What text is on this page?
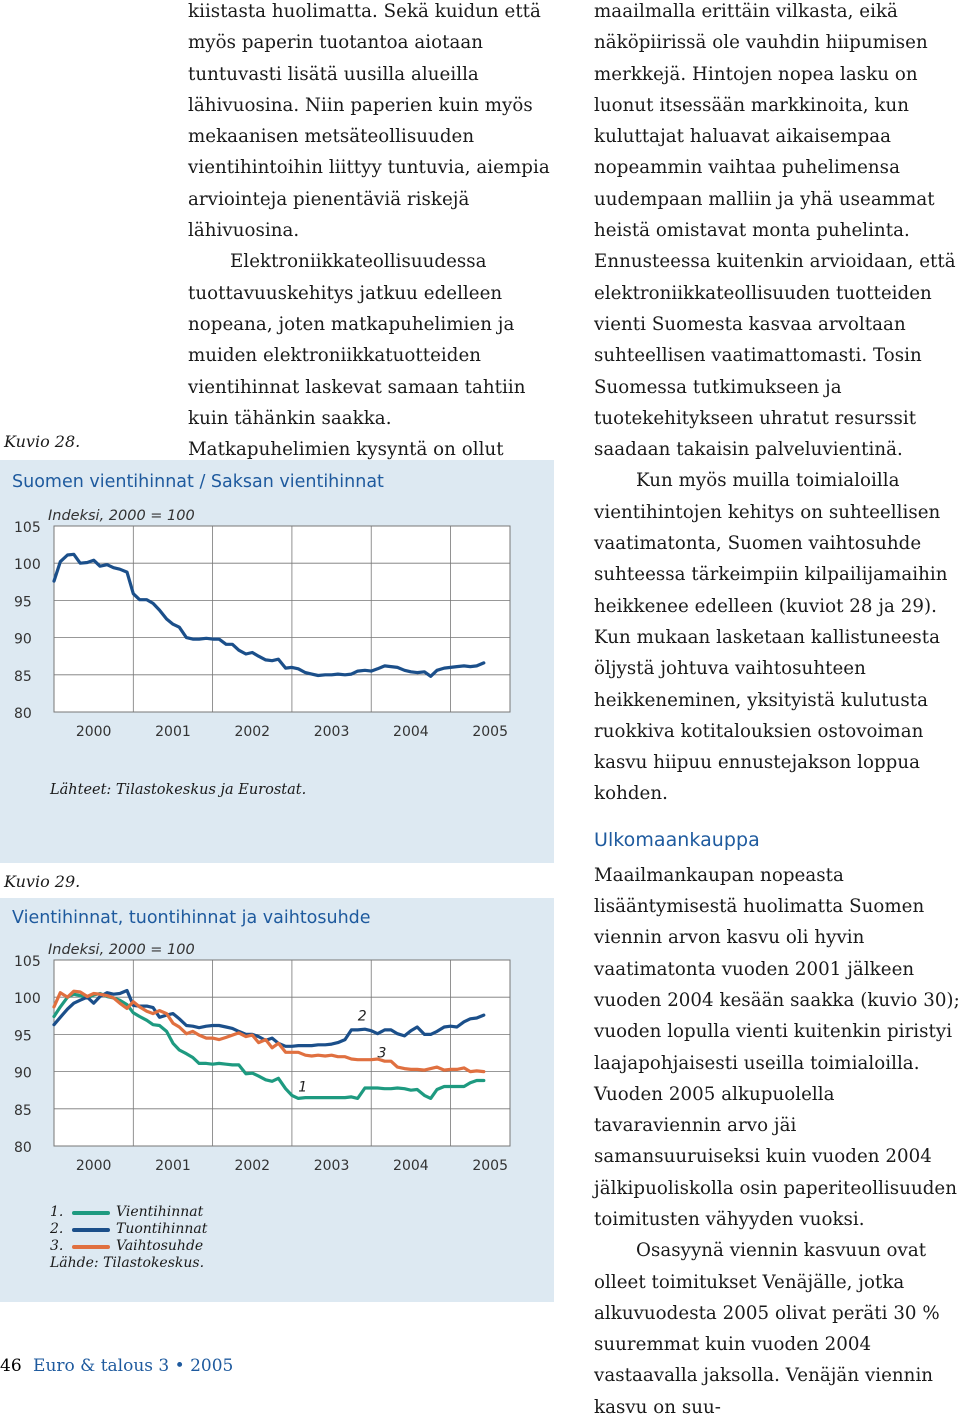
kiistasta huolimatta. Sekä kuidun että myös paperin tuotantoa aiotaan tuntuvasti lisätä uusilla alueilla lähivuosina. Niin paperien kuin myös mekaanisen metsäteollisuuden vientihintoihin liittyy tuntuvia, aiempia arviointeja pienentäviä riskejä lähivuosina.

Elektroniikkateollisuudessa tuottavuuskehitys jatkuu edelleen nopeana, joten matkapuhelimien ja muiden elektroniikkatuotteiden vientihinnat laskevat samaan tahtiin kuin tähänkin saakka. Matkapuhelimien kysyntä on ollut

maailmalla erittäin vilkasta, eikä näköpiirissä ole vauhdin hiipumisen merkkejä. Hintojen nopea lasku on luonut itsessään markkinoita, kun kuluttajat haluavat aikaisempaa nopeammin vaihtaa puhelimensa uudempaan malliin ja yhä useammat heistä omistavat monta puhelinta. Ennusteessa kuitenkin arvioidaan, että elektroniikkateollisuuden tuotteiden vienti Suomesta kasvaa arvoltaan suhteellisen vaatimattomasti. Tosin Suomessa tutkimukseen ja tuotekehitykseen uhratut resurssit saadaan takaisin palveluvientinä.

Kun myös muilla toimialoilla vientihintojen kehitys on suhteellisen vaatimatonta, Suomen vaihtosuhde suhteessa tärkeimpiin kilpailijamaihin heikkenee edelleen (kuviot 28 ja 29). Kun mukaan lasketaan kallistuneesta öljystä johtuva vaihtosuhteen heikkeneminen, yksityistä kulutusta ruokkiva kotitalouksien ostovoiman kasvu hiipuu ennustejakson loppua kohden.

Ulkomaankauppa

Maailmankaupan nopeasta lisääntymisestä huolimatta Suomen viennin arvon kasvu oli hyvin vaatimatonta vuoden 2001 jälkeen vuoden 2004 kesään saakka (kuvio 30); vuoden lopulla vienti kuitenkin piristyi laajapohjaisesti useilla toimialoilla. Vuoden 2005 alkupuolella tavaraviennin arvo jäi samansuuruiseksi kuin vuoden 2004 jälkipuoliskolla osin paperiteollisuuden toimitusten vähyyden vuoksi.

Osasyynä viennin kasvuun ovat olleet toimitukset Venäjälle, jotka alkuvuodesta 2005 olivat peräti 30 % suuremmat kuin vuoden 2004 vastaavalla jaksolla. Venäjän viennin kasvu on suu-

Kuvio 28.
Suomen vientihinnat / Saksan vientihinnat
105
100
95
90
85
80
2000	2001	2002	2003	2004	2005
Indeksi, 2000 = 100
Lähteet: Tilastokeskus ja Eurostat.
Kuvio 29.
105
100
95
90
85
80
2000	2001	2002	2003	2004	2005
Indeksi, 2000 = 100
1
2
3
1.	Vientihinnat
2.	Tuontihinnat
3.	Vaihtosuhde
Lähde: Tilastokeskus.
Vientihinnat, tuontihinnat ja vaihtosuhde
46 Euro & talous 3 • 2005
